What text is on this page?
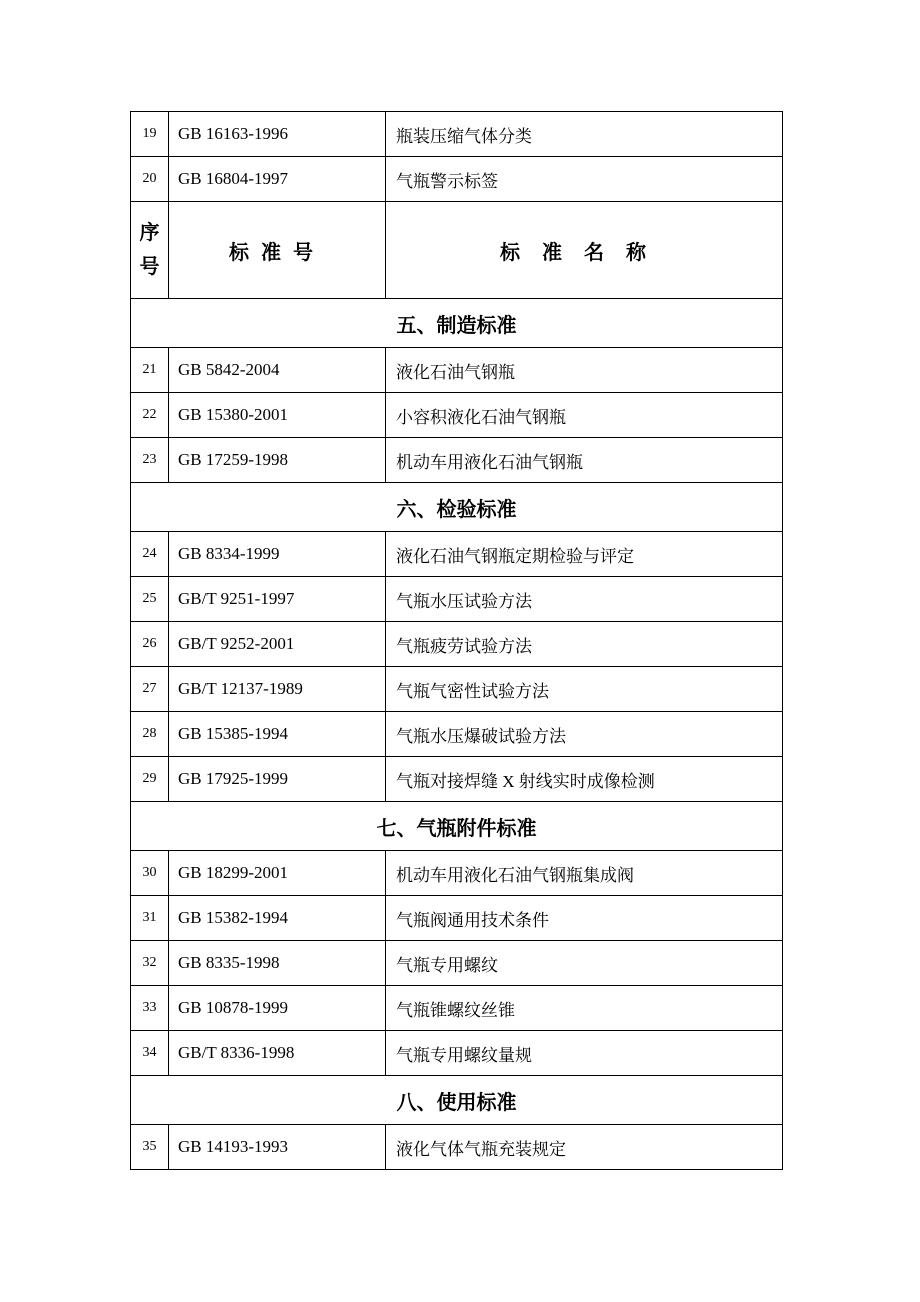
19	GB 16163-1996	瓶装压缩气体分类
20	GB 16804-1997	气瓶警示标签

序
号	标准号	标准名称
五、制造标准		
21	GB 5842-2004	液化石油气钢瓶
22	GB 15380-2001	小容积液化石油气钢瓶
23	GB 17259-1998	机动车用液化石油气钢瓶
六、检验标准		
24	GB 8334-1999	液化石油气钢瓶定期检验与评定
25	GB/T 9251-1997	气瓶水压试验方法
26	GB/T 9252-2001	气瓶疲劳试验方法
27	GB/T 12137-1989	气瓶气密性试验方法
28	GB 15385-1994	气瓶水压爆破试验方法
29	GB 17925-1999	气瓶对接焊缝 X 射线实时成像检测
七、气瓶附件标准		
30	GB 18299-2001	机动车用液化石油气钢瓶集成阀
31	GB 15382-1994	气瓶阀通用技术条件
32	GB 8335-1998	气瓶专用螺纹
33	GB 10878-1999	气瓶锥螺纹丝锥
34	GB/T 8336-1998	气瓶专用螺纹量规
八、使用标准		
35	GB 14193-1993	液化气体气瓶充装规定
